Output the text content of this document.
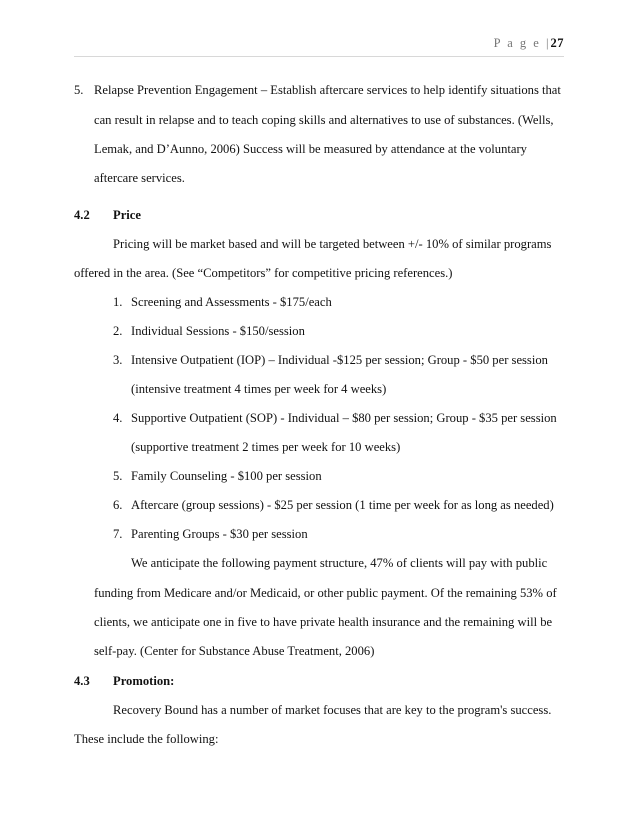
P a g e |27
5. Relapse Prevention Engagement – Establish aftercare services to help identify situations that
can result in relapse and to teach coping skills and alternatives to use of substances. (Wells,
Lemak, and D’Aunno, 2006) Success will be measured by attendance at the voluntary
aftercare services.
4.2 Price
Pricing will be market based and will be targeted between +/- 10% of similar programs
offered in the area. (See “Competitors” for competitive pricing references.)
1. Screening and Assessments - $175/each
2. Individual Sessions - $150/session
3. Intensive Outpatient (IOP) – Individual -$125 per session; Group - $50 per session
(intensive treatment 4 times per week for 4 weeks)
4. Supportive Outpatient (SOP) - Individual – $80 per session; Group - $35 per session
(supportive treatment 2 times per week for 10 weeks)
5. Family Counseling - $100 per session
6. Aftercare (group sessions) - $25 per session (1 time per week for as long as needed)
7. Parenting Groups - $30 per session
We anticipate the following payment structure, 47% of clients will pay with public
funding from Medicare and/or Medicaid, or other public payment. Of the remaining 53% of
clients, we anticipate one in five to have private health insurance and the remaining will be
self-pay. (Center for Substance Abuse Treatment, 2006)
4.3 Promotion:
Recovery Bound has a number of market focuses that are key to the program's success.
These include the following:
